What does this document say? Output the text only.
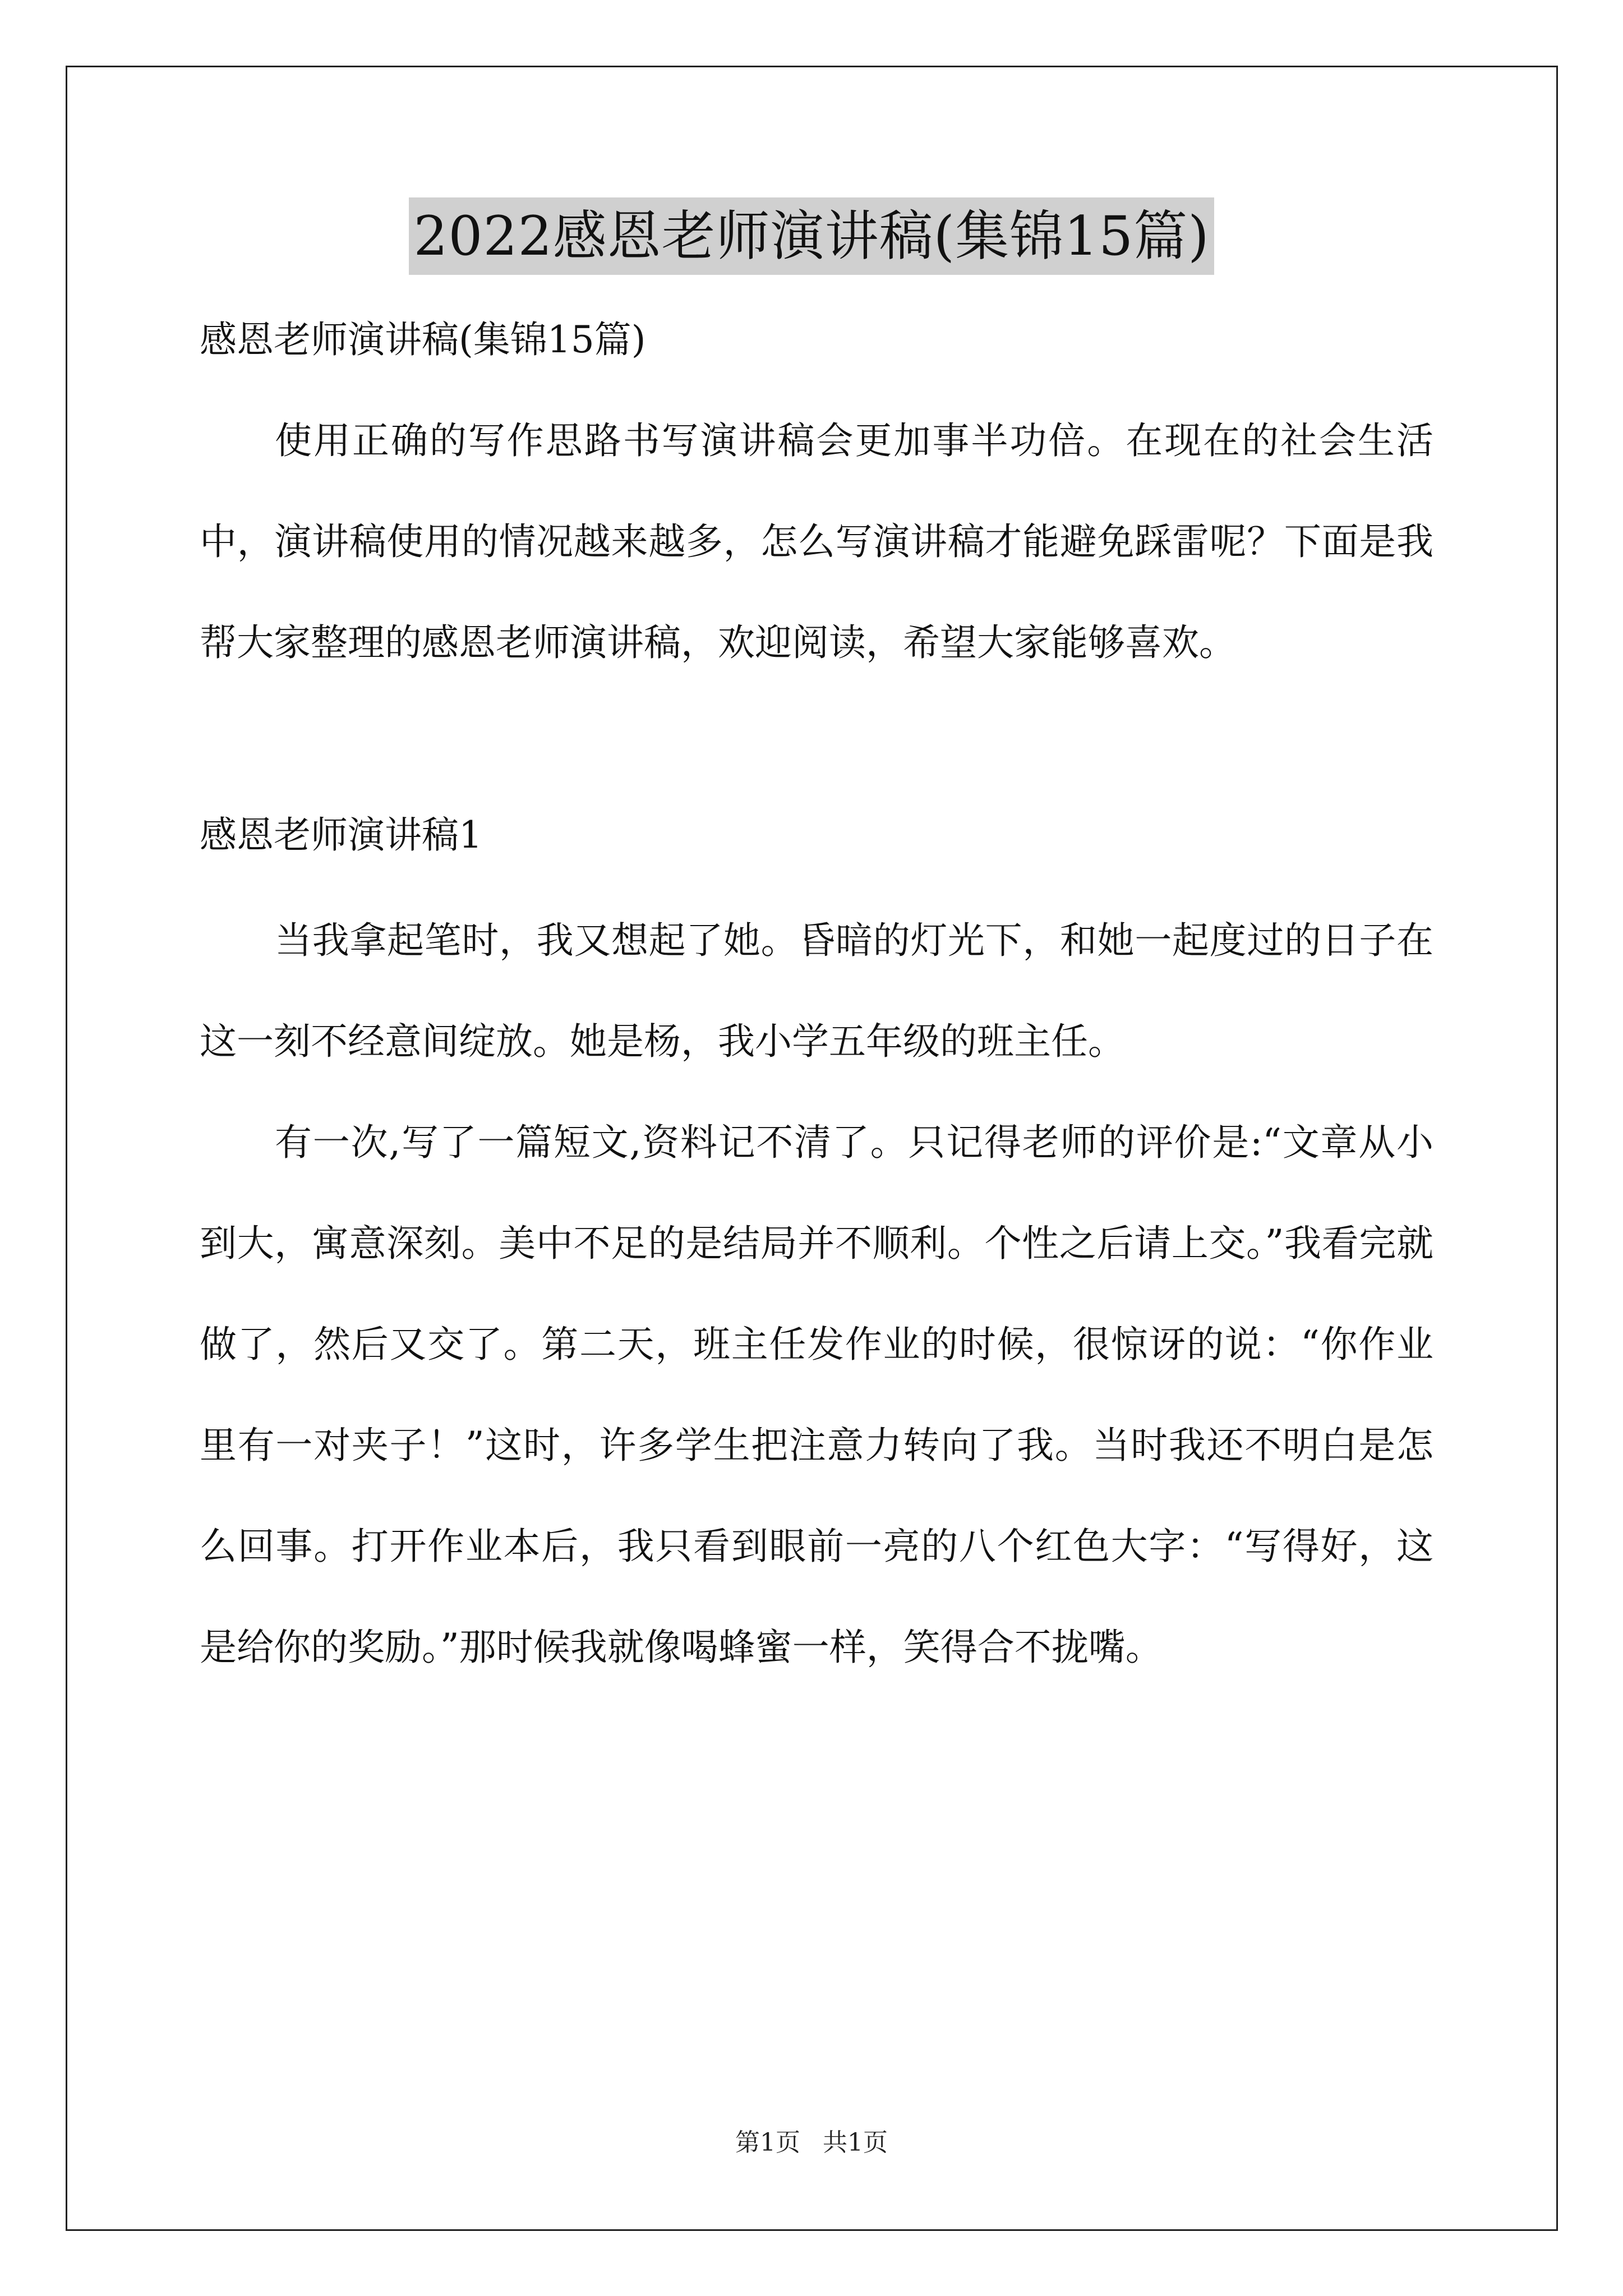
2022感恩老师演讲稿(集锦15篇)

感恩老师演讲稿(集锦15篇)

使用正确的写作思路书写演讲稿会更加事半功倍。在现在的社会生活中，演讲稿使用的情况越来越多，怎么写演讲稿才能避免踩雷呢？下面是我帮大家整理的感恩老师演讲稿，欢迎阅读，希望大家能够喜欢。

感恩老师演讲稿1

当我拿起笔时，我又想起了她。昏暗的灯光下，和她一起度过的日子在这一刻不经意间绽放。她是杨，我小学五年级的班主任。

有一次,写了一篇短文,资料记不清了。只记得老师的评价是:“文章从小到大，寓意深刻。美中不足的是结局并不顺利。个性之后请上交。”我看完就做了，然后又交了。第二天，班主任发作业的时候，很惊讶的说：“你作业里有一对夹子！”这时，许多学生把注意力转向了我。当时我还不明白是怎么回事。打开作业本后，我只看到眼前一亮的八个红色大字：“写得好，这是给你的奖励。”那时候我就像喝蜂蜜一样，笑得合不拢嘴。

第1页 共1页
